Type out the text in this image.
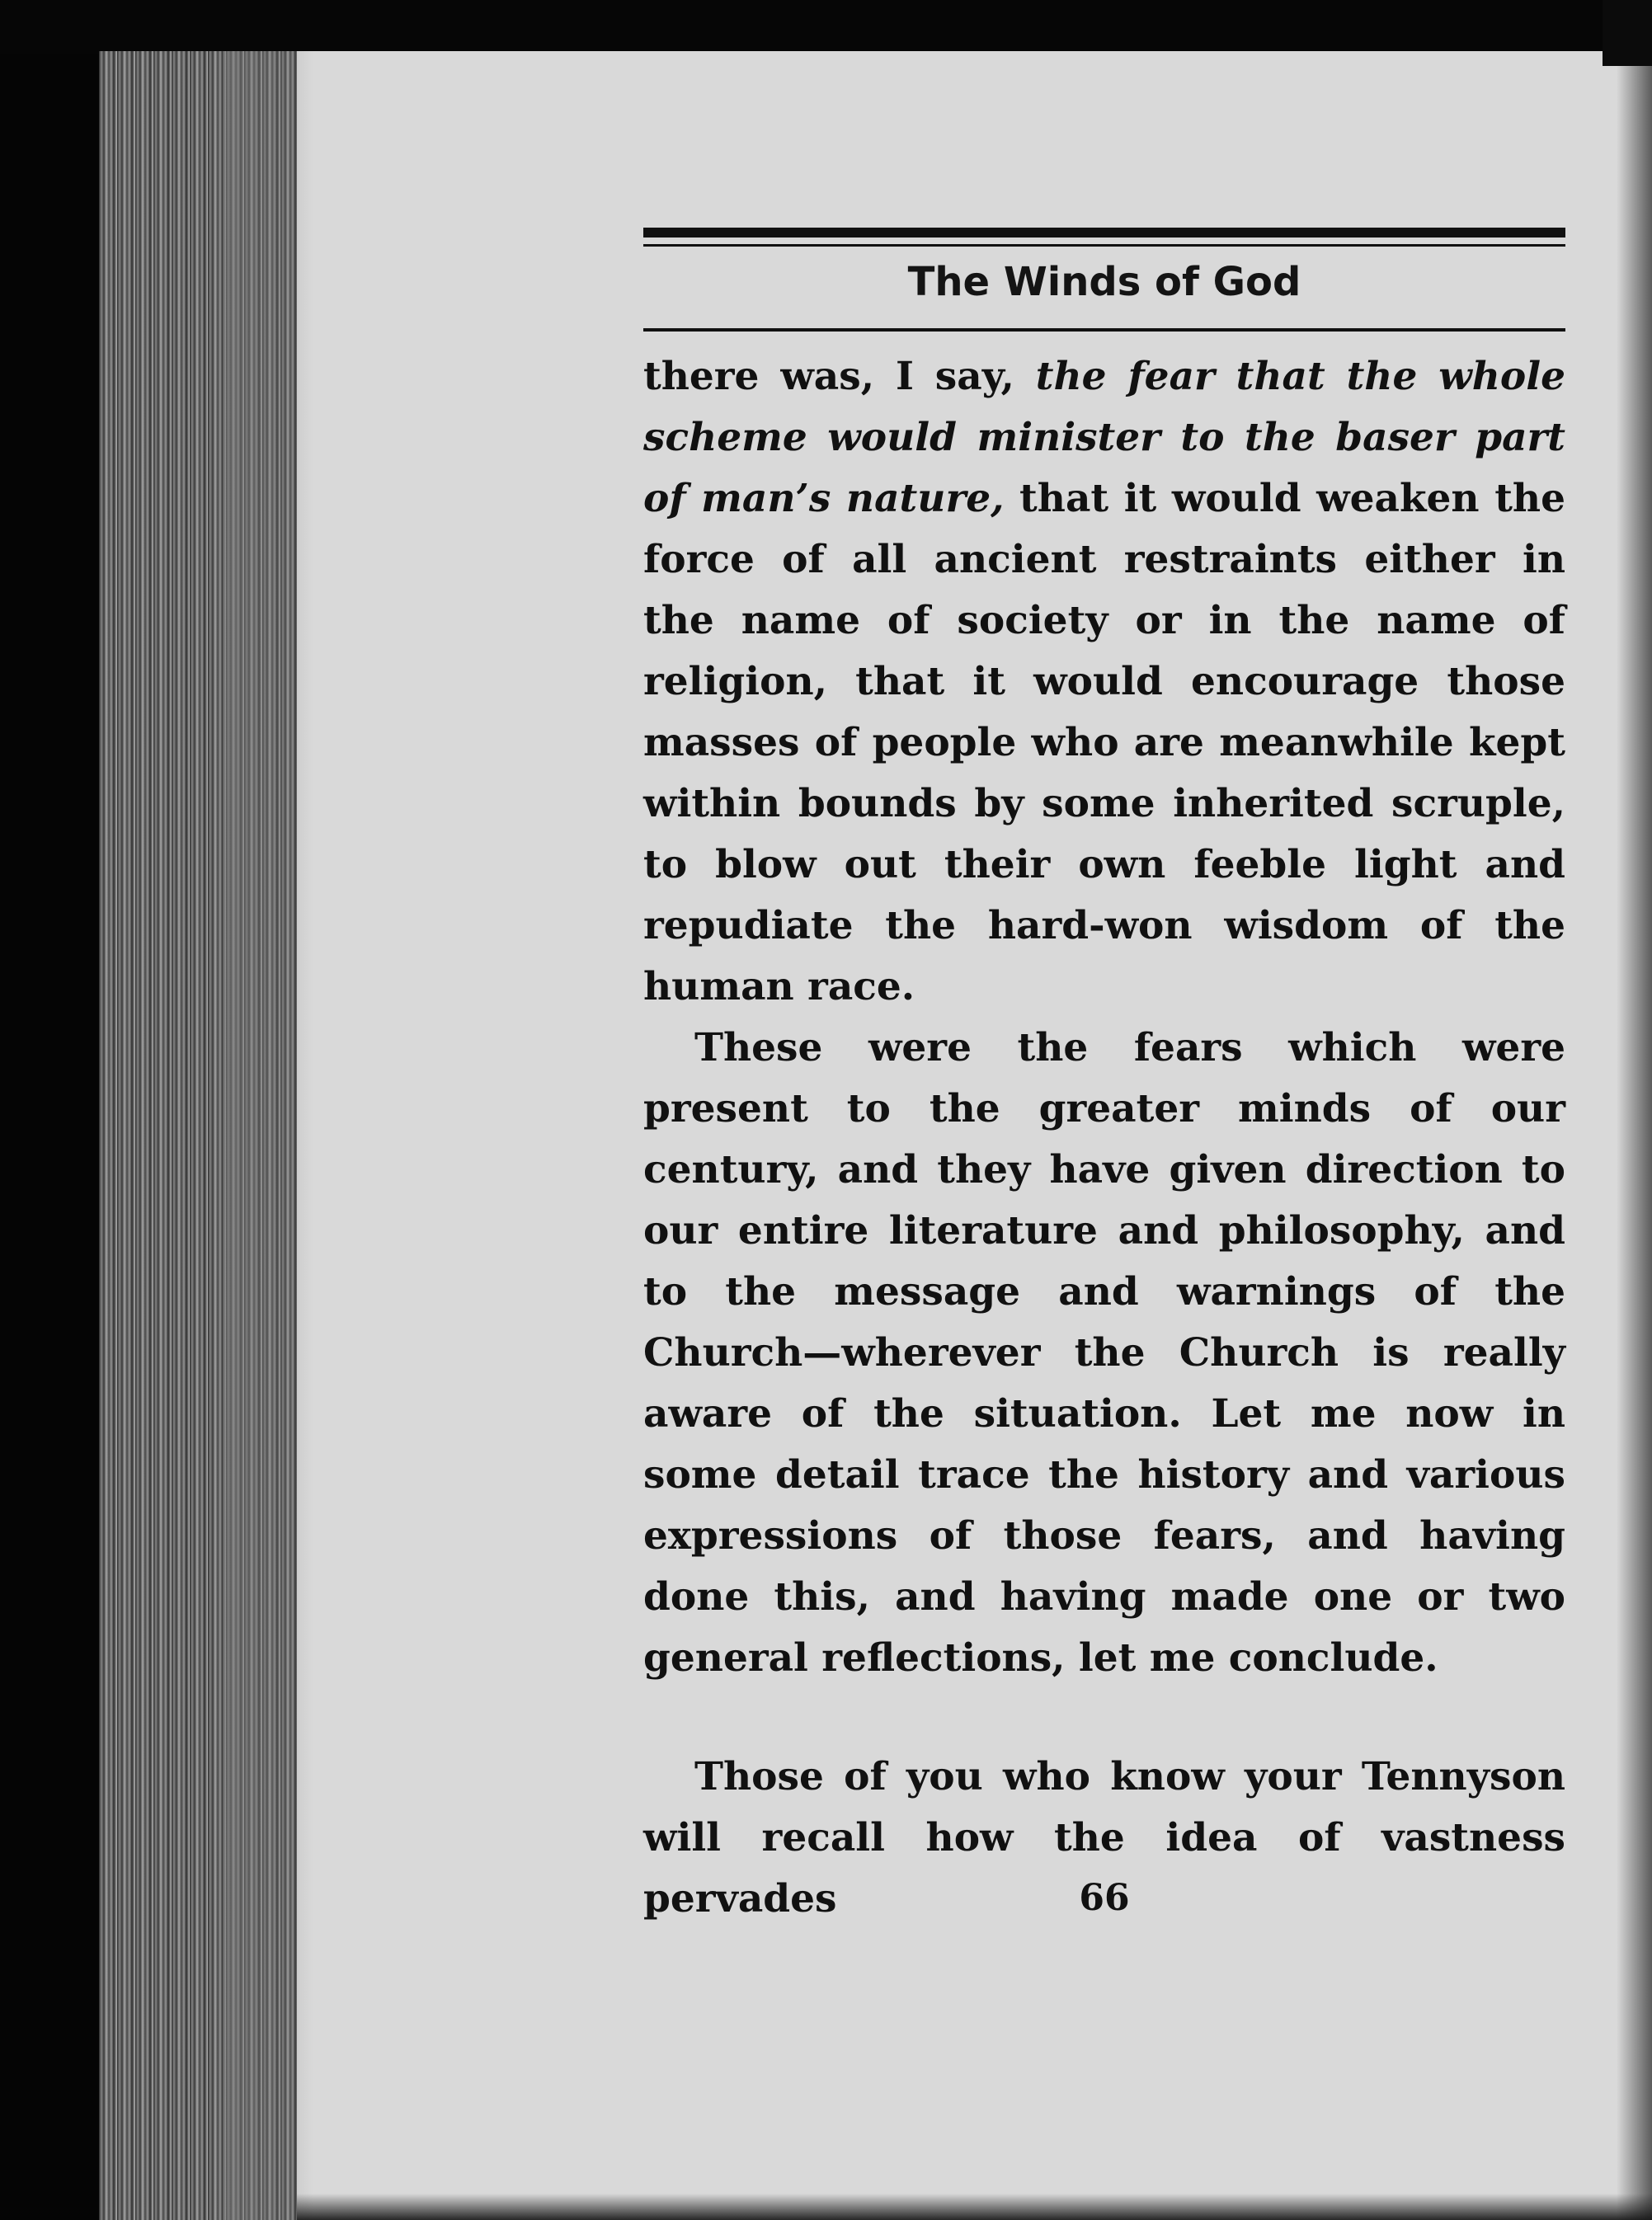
The Winds of God

there was, I say, the fear that the whole scheme would minister to the baser part of man’s nature, that it would weaken the force of all ancient restraints either in the name of society or in the name of religion, that it would encourage those masses of people who are meanwhile kept within bounds by some inherited scruple, to blow out their own feeble light and repudiate the hard-won wisdom of the human race.

These were the fears which were present to the greater minds of our century, and they have given direction to our entire literature and philosophy, and to the message and warnings of the Church—wherever the Church is really aware of the situation. Let me now in some detail trace the history and various expressions of those fears, and having done this, and having made one or two general reflections, let me conclude.

Those of you who know your Tennyson will recall how the idea of vastness pervades	66
